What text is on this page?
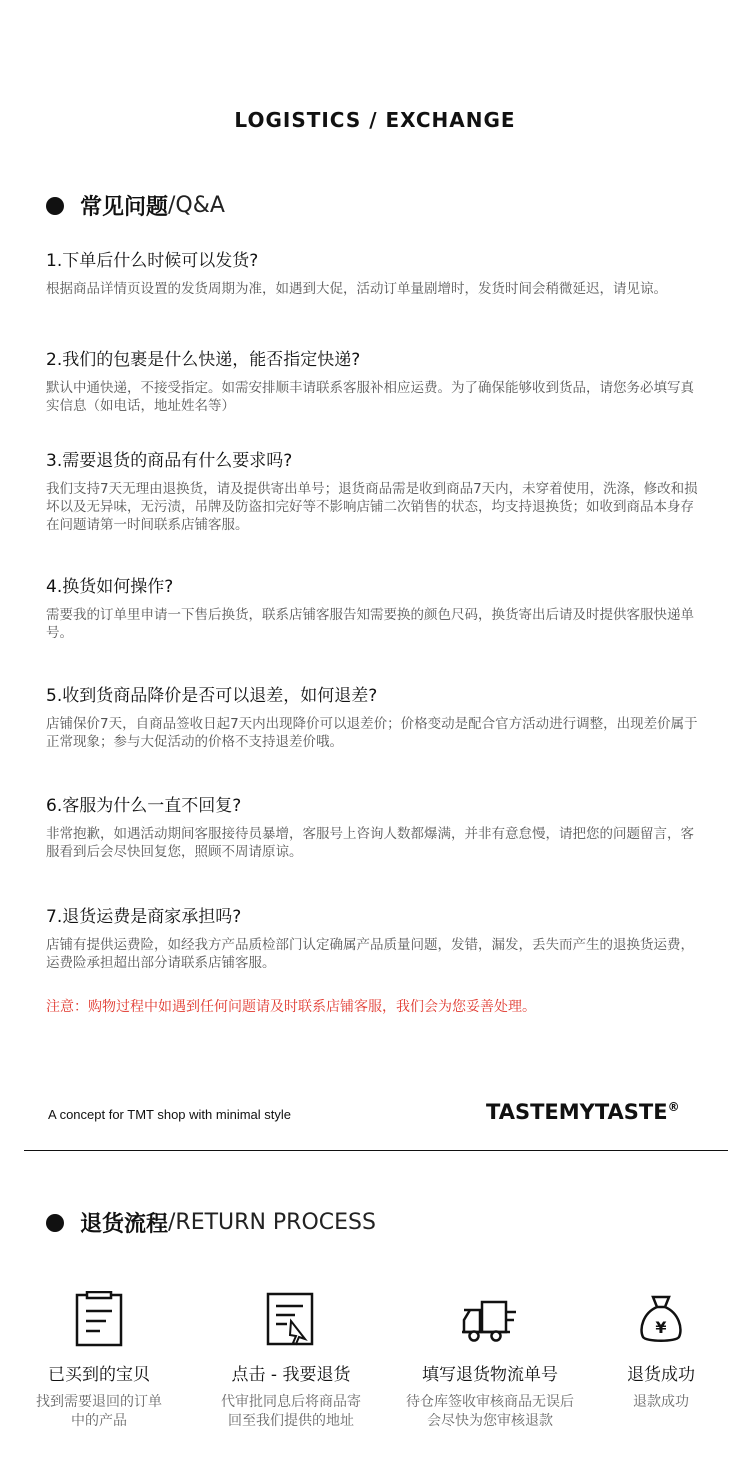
LOGISTICS / EXCHANGE
常见问题 /Q&A

1.下单后什么时候可以发货?

根据商品详情页设置的发货周期为准，如遇到大促，活动订单量剧增时，发货时间会稍微延迟，请见谅。

2.我们的包裹是什么快递，能否指定快递?

默认中通快递，不接受指定。如需安排顺丰请联系客服补相应运费。为了确保能够收到货品，请您务必填写真实信息（如电话，地址姓名等）

3.需要退货的商品有什么要求吗?

我们支持7天无理由退换货，请及提供寄出单号；退货商品需是收到商品7天内，未穿着使用，洗涤，修改和损坏以及无异味，无污渍，吊牌及防盗扣完好等不影响店铺二次销售的状态，均支持退换货；如收到商品本身存在问题请第一时间联系店铺客服。

4.换货如何操作?

需要我的订单里申请一下售后换货，联系店铺客服告知需要换的颜色尺码，换货寄出后请及时提供客服快递单号。

5.收到货商品降价是否可以退差，如何退差?

店铺保价7天，自商品签收日起7天内出现降价可以退差价；价格变动是配合官方活动进行调整，出现差价属于正常现象；参与大促活动的价格不支持退差价哦。

6.客服为什么一直不回复?

非常抱歉，如遇活动期间客服接待员暴增，客服号上咨询人数都爆满，并非有意怠慢，请把您的问题留言，客服看到后会尽快回复您，照顾不周请原谅。

7.退货运费是商家承担吗?

店铺有提供运费险，如经我方产品质检部门认定确属产品质量问题，发错，漏发，丢失而产生的退换货运费，运费险承担超出部分请联系店铺客服。

注意：购物过程中如遇到任何问题请及时联系店铺客服，我们会为您妥善处理。
A concept for TMT shop with minimal style	TASTEMYTASTE®
退货流程 /RETURN PROCESS
已买到的宝贝
找到需要退回的订单
中的产品
点击 - 我要退货
代审批同息后将商品寄
回至我们提供的地址
填写退货物流单号
待仓库签收审核商品无误后
会尽快为您审核退款
¥
退货成功
退款成功
